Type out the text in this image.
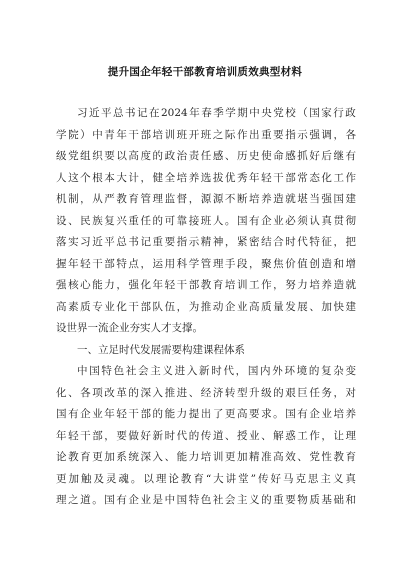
提升国企年轻干部教育培训质效典型材料
习 近 平 总 书 记 在 2024 年 春 季 学 期 中 央 党 校 （ 国 家 行 政
学 院 ） 中 青 年 干 部 培 训 班 开 班 之 际 作 出 重 要 指 示 强 调 ， 各
级 党 组 织 要 以 高 度 的 政 治 责 任 感 、 历 史 使 命 感 抓 好 后 继 有
人 这 个 根 本 大 计 ， 健 全 培 养 选 拔 优 秀 年 轻 干 部 常 态 化 工 作
机 制 ， 从 严 教 育 管 理 监 督 ， 源 源 不 断 培 养 造 就 堪 当 强 国 建
设 、 民 族 复 兴 重 任 的 可 靠 接 班 人 。 国 有 企 业 必 须 认 真 贯 彻
落 实 习 近 平 总 书 记 重 要 指 示 精 神 ， 紧 密 结 合 时 代 特 征 ， 把
握 年 轻 干 部 特 点 ， 运 用 科 学 管 理 手 段 ， 聚 焦 价 值 创 造 和 增
强 核 心 能 力 ， 强 化 年 轻 干 部 教 育 培 训 工 作 ， 努 力 培 养 造 就
高 素 质 专 业 化 干 部 队 伍 ， 为 推 动 企 业 高 质 量 发 展 、 加 快 建
设世界一流企业夯实人才支撑。
一、立足时代发展需要构建课程体系
中 国 特 色 社 会 主 义 进 入 新 时 代 ， 国 内 外 环 境 的 复 杂 变
化 、 各 项 改 革 的 深 入 推 进 、 经 济 转 型 升 级 的 艰 巨 任 务 ， 对
国 有 企 业 年 轻 干 部 的 能 力 提 出 了 更 高 要 求 。 国 有 企 业 培 养
年 轻 干 部 ， 要 做 好 新 时 代 的 传 道 、 授 业 、 解 惑 工 作 ， 让 理
论 教 育 更 加 系 统 深 入 、 能 力 培 训 更 加 精 准 高 效 、 党 性 教 育
更 加 触 及 灵 魂 。 以 理 论 教 育 “ 大 讲 堂 ” 传 好 马 克 思 主 义 真
理 之 道 。 国 有 企 业 是 中 国 特 色 社 会 主 义 的 重 要 物 质 基 础 和
